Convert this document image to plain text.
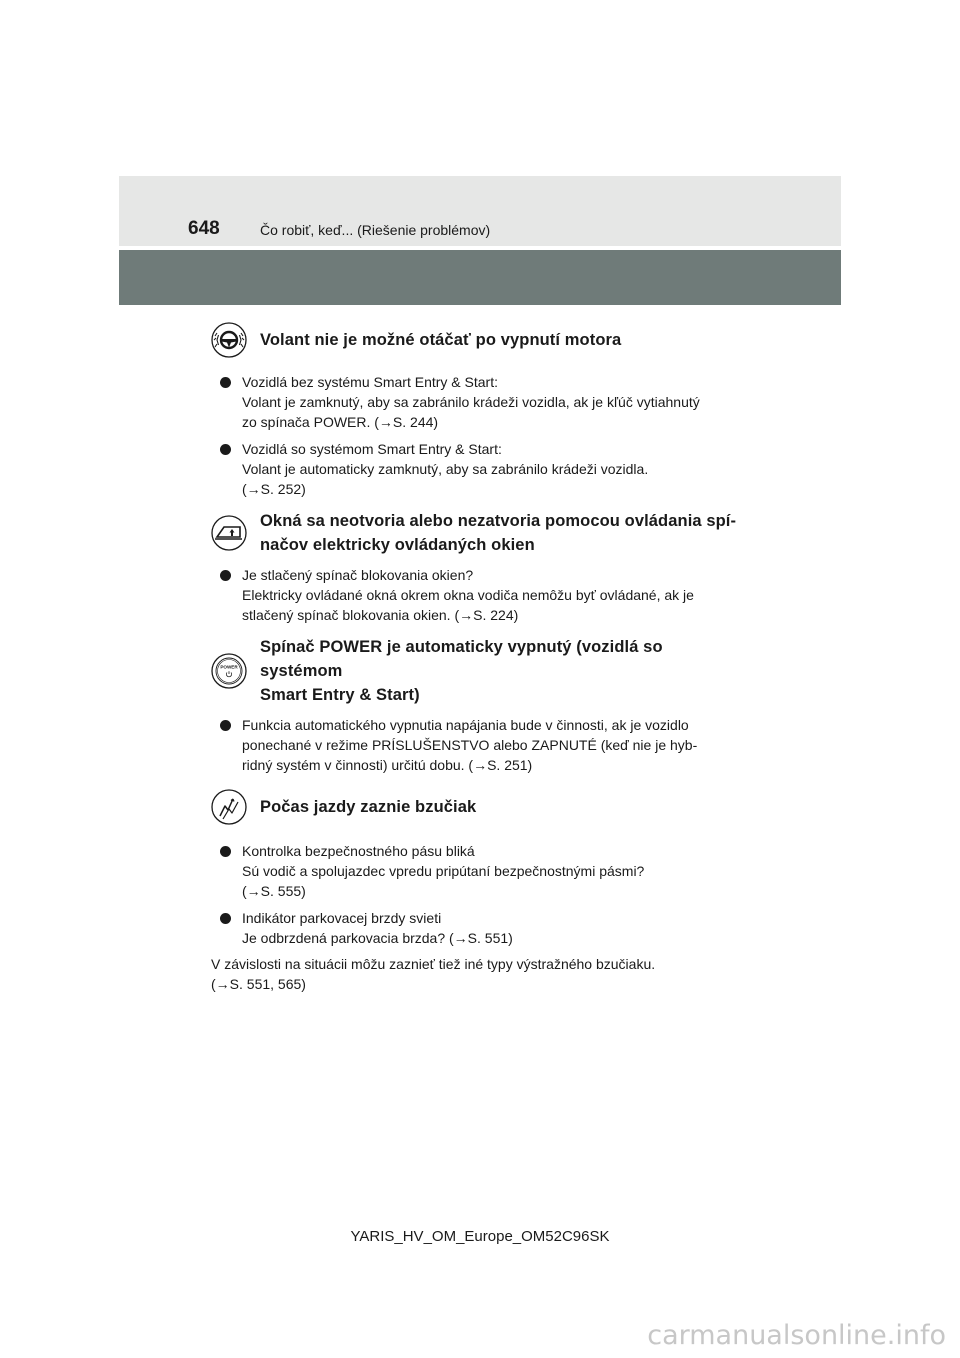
648	Čo robiť, keď... (Riešenie problémov)
Volant nie je možné otáčať po vypnutí motora
Vozidlá bez systému Smart Entry & Start:
Volant je zamknutý, aby sa zabránilo krádeži vozidla, ak je kľúč vytiahnutý
zo spínača POWER. (→S. 244)
Vozidlá so systémom Smart Entry & Start:
Volant je automaticky zamknutý, aby sa zabránilo krádeži vozidla.
(→S. 252)
Okná sa neotvoria alebo nezatvoria pomocou ovládania spí-
načov elektricky ovládaných okien
Je stlačený spínač blokovania okien?
Elektricky ovládané okná okrem okna vodiča nemôžu byť ovládané, ak je
stlačený spínač blokovania okien. (→S. 224)
POWER
Spínač POWER je automaticky vypnutý (vozidlá so systémom
Smart Entry & Start)
Funkcia automatického vypnutia napájania bude v činnosti, ak je vozidlo
ponechané v režime PRÍSLUŠENSTVO alebo ZAPNUTÉ (keď nie je hyb-
ridný systém v činnosti) určitú dobu. (→S. 251)
Počas jazdy zaznie bzučiak
Kontrolka bezpečnostného pásu bliká
Sú vodič a spolujazdec vpredu pripútaní bezpečnostnými pásmi?
(→S. 555)
Indikátor parkovacej brzdy svieti
Je odbrzdená parkovacia brzda? (→S. 551)
V závislosti na situácii môžu zaznieť tiež iné typy výstražného bzučiaku.
(→S. 551, 565)
YARIS_HV_OM_Europe_OM52C96SK
carmanualsonline.info
